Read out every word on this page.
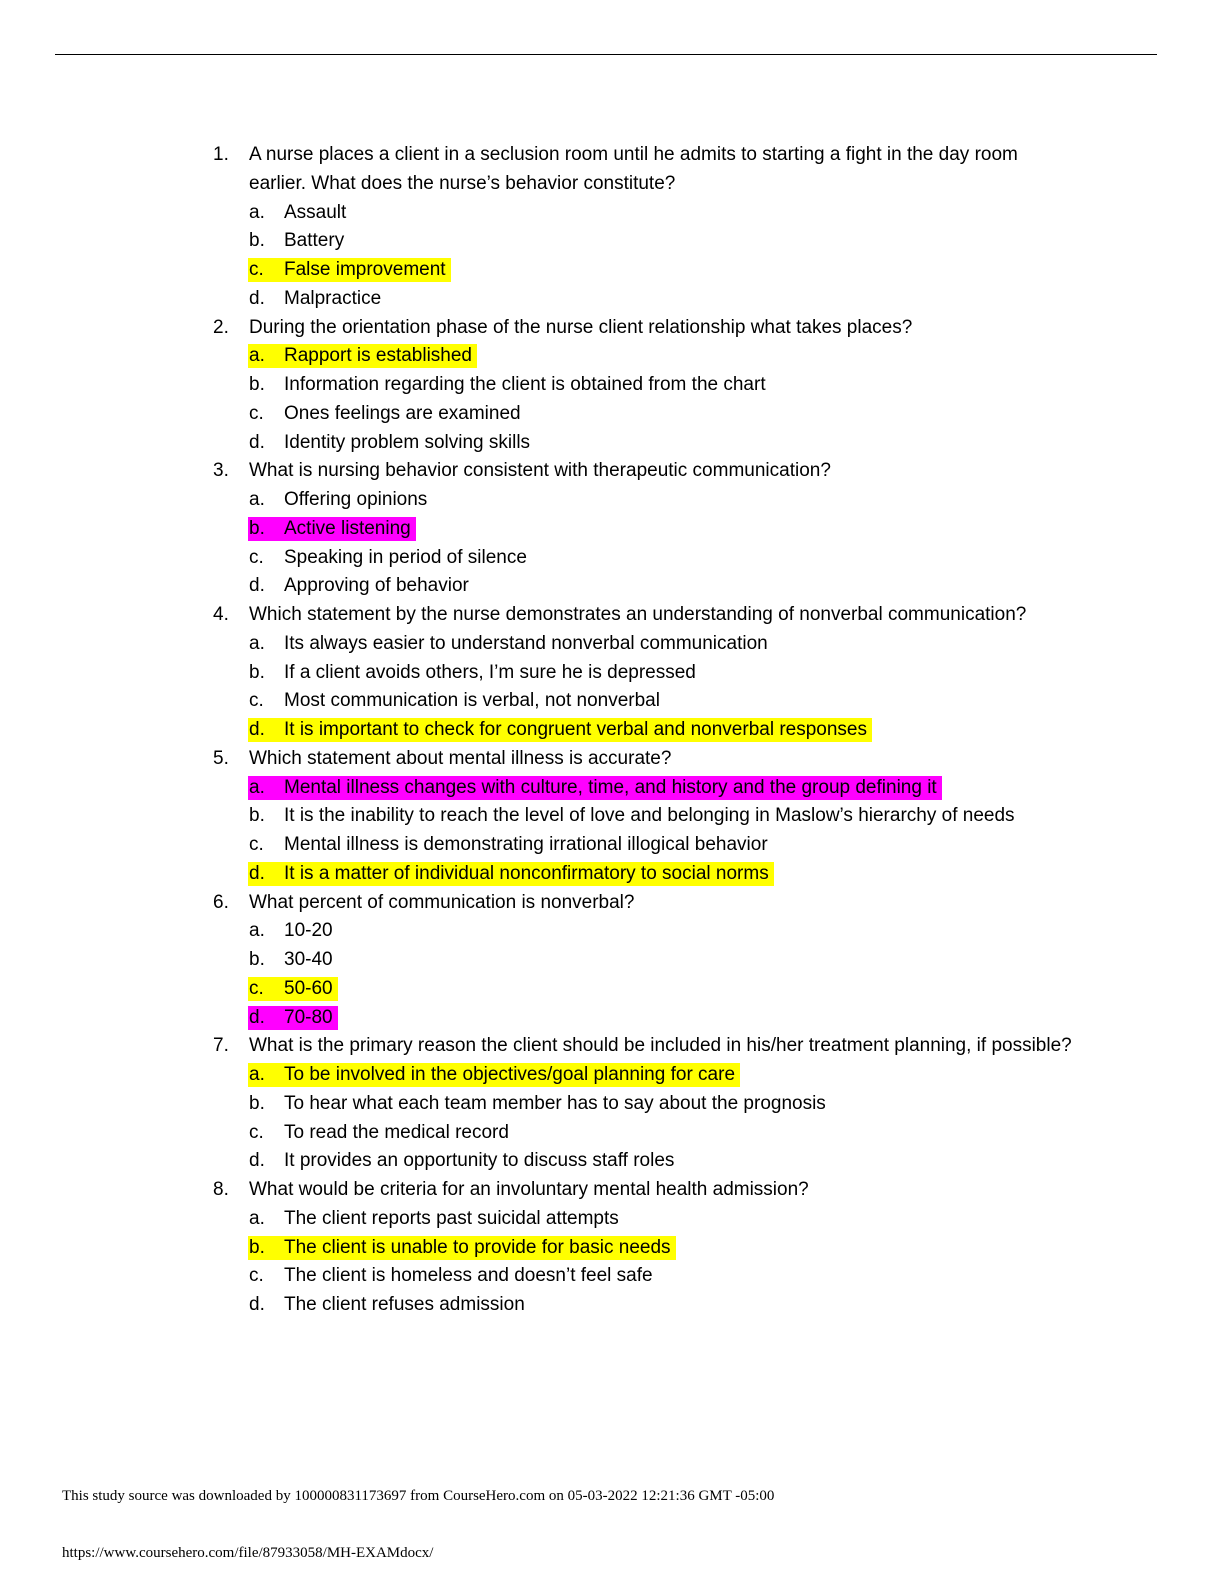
1. A nurse places a client in a seclusion room until he admits to starting a fight in the day room earlier. What does the nurse’s behavior constitute?
a. Assault
b. Battery
c. False improvement
d. Malpractice
2. During the orientation phase of the nurse client relationship what takes places?
a. Rapport is established
b. Information regarding the client is obtained from the chart
c. Ones feelings are examined
d. Identity problem solving skills
3. What is nursing behavior consistent with therapeutic communication?
a. Offering opinions
b. Active listening
c. Speaking in period of silence
d. Approving of behavior
4. Which statement by the nurse demonstrates an understanding of nonverbal communication?
a. Its always easier to understand nonverbal communication
b. If a client avoids others, I’m sure he is depressed
c. Most communication is verbal, not nonverbal
d. It is important to check for congruent verbal and nonverbal responses
5. Which statement about mental illness is accurate?
a. Mental illness changes with culture, time, and history and the group defining it
b. It is the inability to reach the level of love and belonging in Maslow’s hierarchy of needs
c. Mental illness is demonstrating irrational illogical behavior
d. It is a matter of individual nonconfirmatory to social norms
6. What percent of communication is nonverbal?
a. 10-20
b. 30-40
c. 50-60
d. 70-80
7. What is the primary reason the client should be included in his/her treatment planning, if possible?
a. To be involved in the objectives/goal planning for care
b. To hear what each team member has to say about the prognosis
c. To read the medical record
d. It provides an opportunity to discuss staff roles
8. What would be criteria for an involuntary mental health admission?
a. The client reports past suicidal attempts
b. The client is unable to provide for basic needs
c. The client is homeless and doesn’t feel safe
d. The client refuses admission
This study source was downloaded by 100000831173697 from CourseHero.com on 05-03-2022 12:21:36 GMT -05:00
https://www.coursehero.com/file/87933058/MH-EXAMdocx/
